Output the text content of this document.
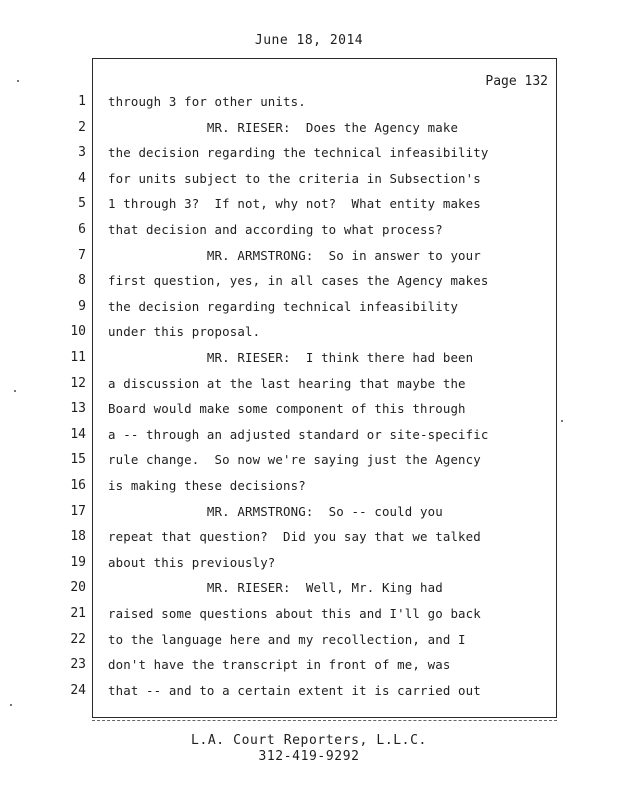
June 18, 2014
Page 132
1 through 3 for other units.
2 MR. RIESER:  Does the Agency make
3 the decision regarding the technical infeasibility
4 for units subject to the criteria in Subsection's
5 1 through 3?  If not, why not?  What entity makes
6 that decision and according to what process?
7 MR. ARMSTRONG:  So in answer to your
8 first question, yes, in all cases the Agency makes
9 the decision regarding technical infeasibility
10 under this proposal.
11 MR. RIESER:  I think there had been
12 a discussion at the last hearing that maybe the
13 Board would make some component of this through
14 a -- through an adjusted standard or site-specific
15 rule change.  So now we're saying just the Agency
16 is making these decisions?
17 MR. ARMSTRONG:  So -- could you
18 repeat that question?  Did you say that we talked
19 about this previously?
20 MR. RIESER:  Well, Mr. King had
21 raised some questions about this and I'll go back
22 to the language here and my recollection, and I
23 don't have the transcript in front of me, was
24 that -- and to a certain extent it is carried out
L.A. Court Reporters, L.L.C.
312-419-9292
